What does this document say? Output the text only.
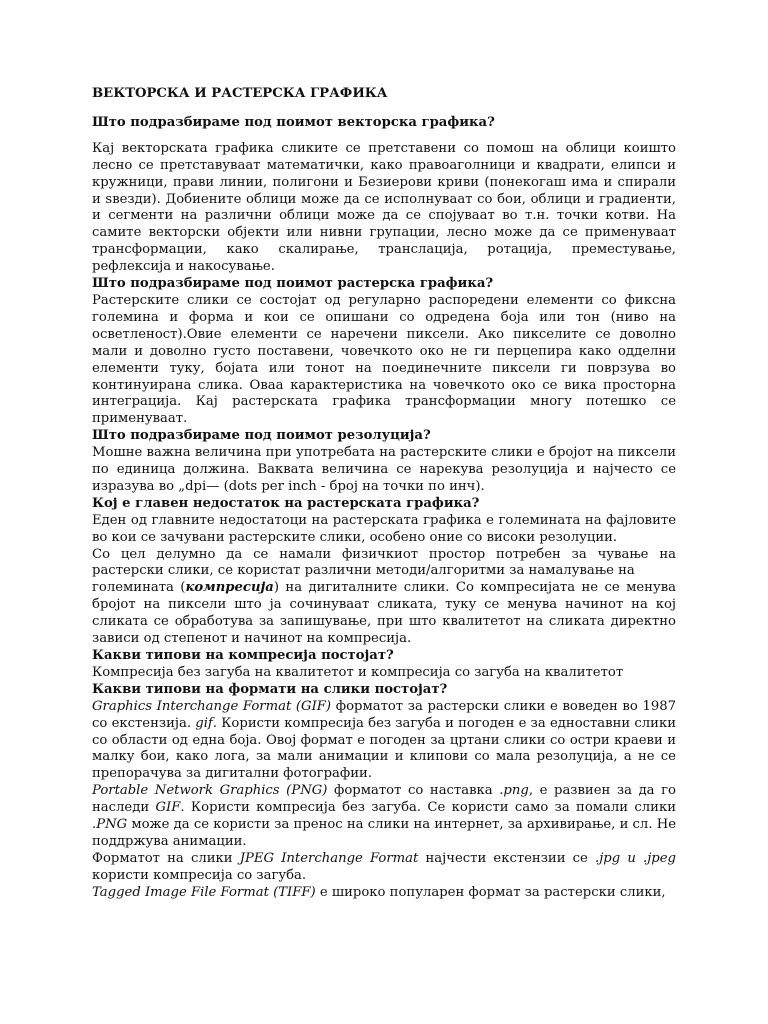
ВЕКТОРСКА И РАСТЕРСКА ГРАФИКА
Што подразбираме под поимот векторска графика?

Кај векторската графика сликите се претставени со помош на облици коишто лесно се претставуваат математички, како правоаголници и квадрати, елипси и кружници, прави линии, полигони и Безиерови криви (понекогаш има и спирали и ѕвезди). Добиените облици може да се исполнуваат со бои, облици и градиенти, и сегменти на различни облици може да се спојуваат во т.н. точки котви. На самите векторски објекти или нивни групации, лесно може да се применуваат трансформации, како скалирање, транслација, ротација, преместување, рефлексија и накосување.

Што подразбираме под поимот растерска графика?

Растерските слики се состојат од регуларно распоредени елементи со фиксна големина и форма и кои се опишани со одредена боја или тон (ниво на осветленост).Овие елементи се наречени пиксели. Ако пикселите се доволно мали и доволно густо поставени, човечкото око не ги перцепира како одделни елементи туку, бојата или тонот на поединечните пиксели ги поврзува во континуирана слика. Оваа карактеристика на човечкото око се вика просторна интеграција. Кај растерската графика трансформации многу потешко се применуваат.

Што подразбираме под поимот резолуција?

Мошне важна величина при употребата на растерските слики е бројот на пиксели по единица должина. Ваквата величина се нарекува резолуција и најчесто се изразува во „dpi— (dots per inch - број на точки по инч).

Кој е главен недостаток на растерската графика?

Еден од главните недостатоци на растерската графика е големината на фајловите во кои се зачувани растерските слики, особено оние со високи резолуции.

Со цел делумно да се намали физичкиот простор потребен за чување на растерски слики, се користат различни методи/алгоритми за намалување на
големината (компресија) на дигиталните слики. Со компресијата не се менува бројот на пиксели што ја сочинуваат сликата, туку се менува начинот на кој сликата се обработува за запишување, при што квалитетот на сликата директно зависи од степенот и начинот на компресија.

Какви типови на компресија постојат?

Компресија без загуба на квалитетот и компресија со загуба на квалитетот

Какви типови на формати на слики постојат?

Graphics Interchange Format (GIF) форматот за растерски слики е воведен во 1987 со екстензија. gif. Користи компресија без загуба и погоден е за едноставни слики со области од една боја. Овој формат е погоден за цртани слики со остри краеви и малку бои, како лога, за мали анимации и клипови со мала резолуција, а не се препорачува за дигитални фотографии.

Portable Network Graphics (PNG) форматот со наставка .png, е развиен за да го наследи GIF. Користи компресија без загуба. Се користи само за помали слики .PNG може да се користи за пренос на слики на интернет, за архивирање, и сл. Не поддржува анимации.

Форматот на слики JPEG Interchange Format најчести екстензии се .jpg и .jpeg користи компресија со загуба.

Tagged Image File Format (TIFF) е широко популарен формат за растерски слики,
